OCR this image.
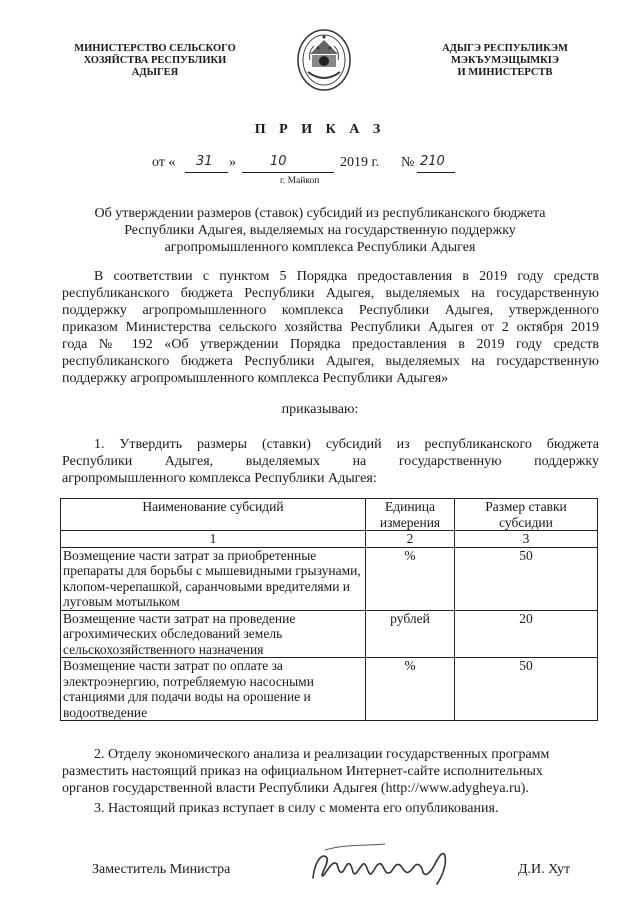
МИНИСТЕРСТВО СЕЛЬСКОГО
ХОЗЯЙСТВА РЕСПУБЛИКИ
АДЫГЕЯ
АДЫГЭ РЕСПУБЛИКЭМ
МЭКЪУМЭЩЫМКIЭ
И МИНИСТЕРСТВ
П Р И К А З
от « 31 »	10	2019 г. № 210
г. Майкоп
Об утверждении размеров (ставок) субсидий из республиканского бюджета
Республики Адыгея, выделяемых на государственную поддержку
агропромышленного комплекса Республики Адыгея
В соответствии с пунктом 5 Порядка предоставления в 2019 году средств
республиканского бюджета Республики Адыгея, выделяемых на государственную
поддержку агропромышленного комплекса Республики Адыгея, утвержденного
приказом Министерства сельского хозяйства Республики Адыгея от 2 октября 2019
года № 192 «Об утверждении Порядка предоставления в 2019 году средств
республиканского бюджета Республики Адыгея, выделяемых на государственную
поддержку агропромышленного комплекса Республики Адыгея»
приказываю:
1. Утвердить размеры (ставки) субсидий из республиканского бюджета
Республики Адыгея, выделяемых на государственную поддержку
агропромышленного комплекса Республики Адыгея:
Наименование субсидий	Единица измерения	Размер ставки субсидии
1	2	3
Возмещение части затрат за приобретенные препараты для борьбы с мышевидными грызунами, клопом-черепашкой, саранчовыми вредителями и луговым мотыльком	%	50
Возмещение части затрат на проведение агрохимических обследований земель сельскохозяйственного назначения	рублей	20
Возмещение части затрат по оплате за электроэнергию, потребляемую насосными станциями для подачи воды на орошение и водоотведение	%	50
2. Отделу экономического анализа и реализации государственных программ
разместить настоящий приказ на официальном Интернет-сайте исполнительных
органов государственной власти Республики Адыгея (http://www.adygheya.ru).
3. Настоящий приказ вступает в силу с момента его опубликования.
Заместитель Министра	Д.И. Хут
